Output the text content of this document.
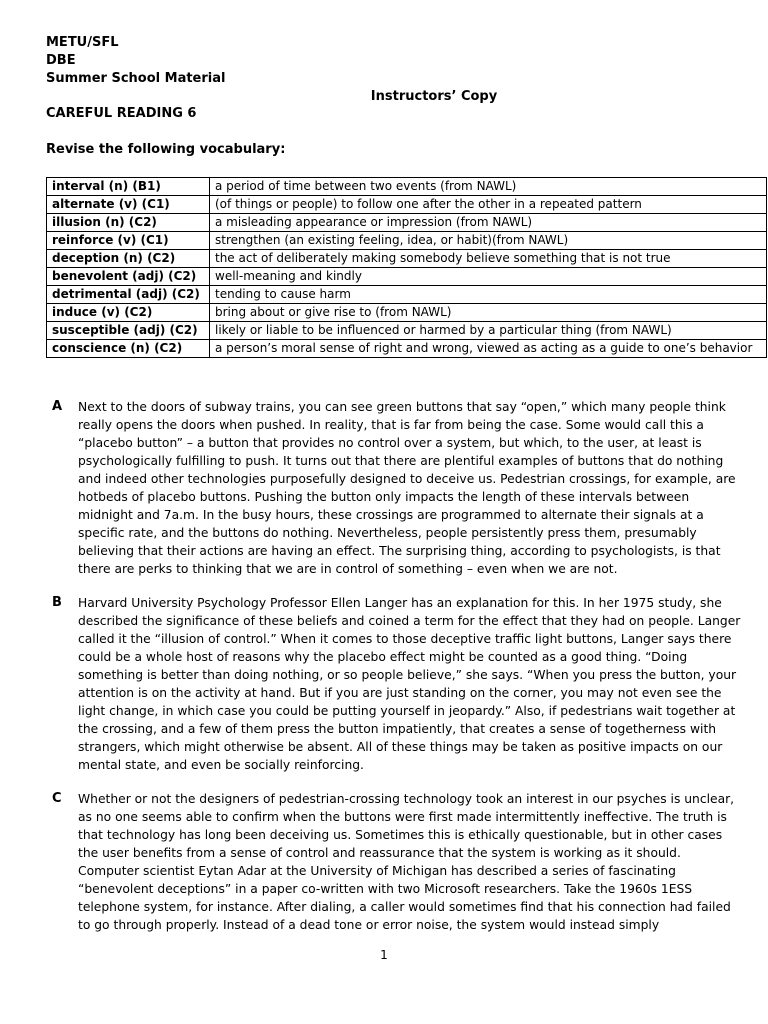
METU/SFL
DBE
Summer School Material
Instructors’ Copy
CAREFUL READING 6
Revise the following vocabulary:
interval (n) (B1)	a period of time between two events (from NAWL)
alternate (v) (C1)	(of things or people) to follow one after the other in a repeated pattern
illusion (n) (C2)	a misleading appearance or impression (from NAWL)
reinforce (v) (C1)	strengthen (an existing feeling, idea, or habit)(from NAWL)
deception (n) (C2)	the act of deliberately making somebody believe something that is not true
benevolent (adj) (C2)	well-meaning and kindly
detrimental (adj) (C2)	tending to cause harm
induce (v) (C2)	bring about or give rise to (from NAWL)
susceptible (adj) (C2)	likely or liable to be influenced or harmed by a particular thing (from NAWL)
conscience (n) (C2)	a person’s moral sense of right and wrong, viewed as acting as a guide to one’s behavior
A Next to the doors of subway trains, you can see green buttons that say “open,” which many people think really opens the doors when pushed. In reality, that is far from being the case. Some would call this a “placebo button” – a button that provides no control over a system, but which, to the user, at least is psychologically fulfilling to push. It turns out that there are plentiful examples of buttons that do nothing and indeed other technologies purposefully designed to deceive us. Pedestrian crossings, for example, are hotbeds of placebo buttons. Pushing the button only impacts the length of these intervals between midnight and 7a.m. In the busy hours, these crossings are programmed to alternate their signals at a specific rate, and the buttons do nothing. Nevertheless, people persistently press them, presumably believing that their actions are having an effect. The surprising thing, according to psychologists, is that there are perks to thinking that we are in control of something – even when we are not.
B Harvard University Psychology Professor Ellen Langer has an explanation for this. In her 1975 study, she described the significance of these beliefs and coined a term for the effect that they had on people. Langer called it the “illusion of control.” When it comes to those deceptive traffic light buttons, Langer says there could be a whole host of reasons why the placebo effect might be counted as a good thing. “Doing something is better than doing nothing, or so people believe,” she says. “When you press the button, your attention is on the activity at hand. But if you are just standing on the corner, you may not even see the light change, in which case you could be putting yourself in jeopardy.” Also, if pedestrians wait together at the crossing, and a few of them press the button impatiently, that creates a sense of togetherness with strangers, which might otherwise be absent. All of these things may be taken as positive impacts on our mental state, and even be socially reinforcing.
C Whether or not the designers of pedestrian-crossing technology took an interest in our psyches is unclear, as no one seems able to confirm when the buttons were first made intermittently ineffective. The truth is that technology has long been deceiving us. Sometimes this is ethically questionable, but in other cases the user benefits from a sense of control and reassurance that the system is working as it should. Computer scientist Eytan Adar at the University of Michigan has described a series of fascinating “benevolent deceptions” in a paper co-written with two Microsoft researchers. Take the 1960s 1ESS telephone system, for instance. After dialing, a caller would sometimes find that his connection had failed to go through properly. Instead of a dead tone or error noise, the system would instead simply
1
